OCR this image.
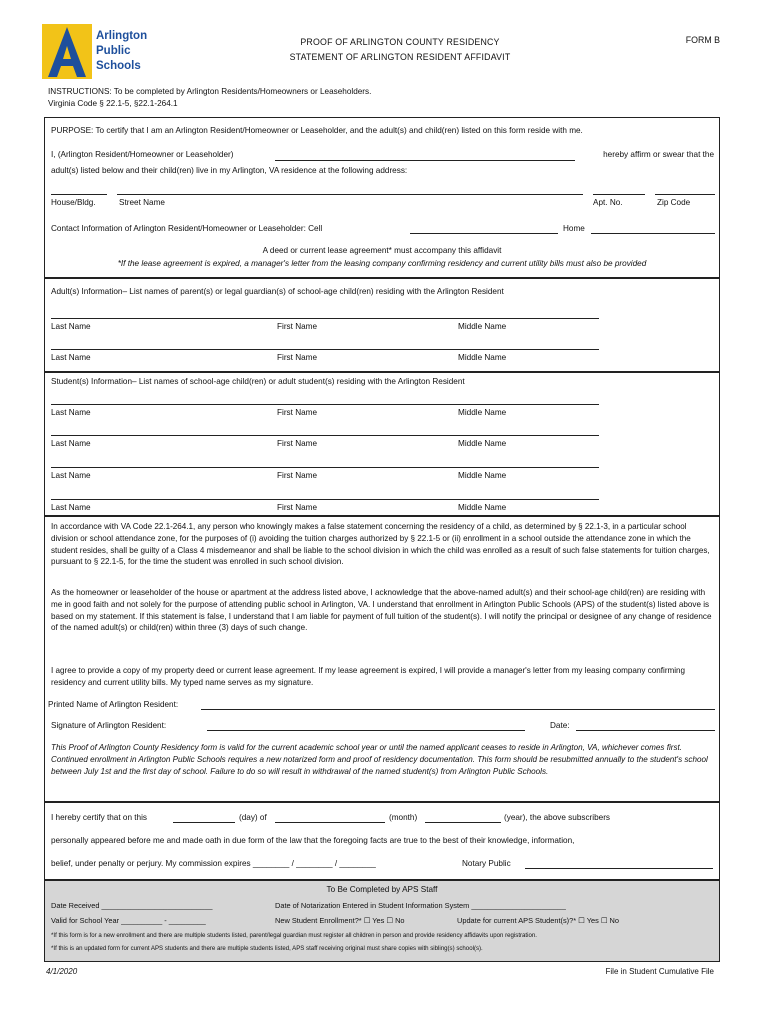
Arlington
Public
Schools
PROOF OF ARLINGTON COUNTY RESIDENCY
STATEMENT OF ARLINGTON RESIDENT AFFIDAVIT
FORM B
INSTRUCTIONS: To be completed by Arlington Residents/Homeowners or Leaseholders.
Virginia Code § 22.1-5, §22.1-264.1
PURPOSE: To certify that I am an Arlington Resident/Homeowner or Leaseholder, and the adult(s) and child(ren) listed on this form reside with me.
I, (Arlington Resident/Homeowner or Leaseholder)	hereby affirm or swear that the
adult(s) listed below and their child(ren) live in my Arlington, VA residence at the following address:
House/Bldg.	Street Name	Apt. No.	Zip Code
Contact Information of Arlington Resident/Homeowner or Leaseholder: Cell	Home
A deed or current lease agreement* must accompany this affidavit
*If the lease agreement is expired, a manager's letter from the leasing company confirming residency and current utility bills must also be provided
Adult(s) Information– List names of parent(s) or legal guardian(s) of school-age child(ren) residing with the Arlington Resident
Last Name	First Name	Middle Name
Last Name	First Name	Middle Name
Student(s) Information– List names of school-age child(ren) or adult student(s) residing with the Arlington Resident
Last Name	First Name	Middle Name
Last Name	First Name	Middle Name
Last Name	First Name	Middle Name
Last Name	First Name	Middle Name
In accordance with VA Code 22.1-264.1, any person who knowingly makes a false statement concerning the residency of a child, as determined by § 22.1-3, in a particular school division or school attendance zone, for the purposes of (i) avoiding the tuition charges authorized by § 22.1-5 or (ii) enrollment in a school outside the attendance zone in which the student resides, shall be guilty of a Class 4 misdemeanor and shall be liable to the school division in which the child was enrolled as a result of such false statements for tuition charges, pursuant to § 22.1-5, for the time the student was enrolled in such school division.
As the homeowner or leaseholder of the house or apartment at the address listed above, I acknowledge that the above-named adult(s) and their school-age child(ren) are residing with me in good faith and not solely for the purpose of attending public school in Arlington, VA. I understand that enrollment in Arlington Public Schools (APS) of the student(s) listed above is based on my statement. If this statement is false, I understand that I am liable for payment of full tuition of the student(s). I will notify the principal or designee of any change of residence of the named adult(s) or child(ren) within three (3) days of such change.
I agree to provide a copy of my property deed or current lease agreement. If my lease agreement is expired, I will provide a manager's letter from my leasing company confirming residency and current utility bills. My typed name serves as my signature.
Printed Name of Arlington Resident:
Signature of Arlington Resident:	Date:
This Proof of Arlington County Residency form is valid for the current academic school year or until the named applicant ceases to reside in Arlington, VA, whichever comes first. Continued enrollment in Arlington Public Schools requires a new notarized form and proof of residency documentation. This form should be resubmitted annually to the student's school between July 1st and the first day of school. Failure to do so will result in withdrawal of the named student(s) from Arlington Public Schools.
I hereby certify that on this	(day) of	(month)	(year), the above subscribers
personally appeared before me and made oath in due form of the law that the foregoing facts are true to the best of their knowledge, information,
belief, under penalty or perjury. My commission expires ________ / ________ / ________	Notary Public
To Be Completed by APS Staff
Date Received ___________________________	Date of Notarization Entered in Student Information System _______________________
Valid for School Year __________ - _________	New Student Enrollment?* ☐ Yes ☐ No	Update for current APS Student(s)?* ☐ Yes ☐ No
*If this form is for a new enrollment and there are multiple students listed, parent/legal guardian must register all children in person and provide residency affidavits upon registration.
*If this is an updated form for current APS students and there are multiple students listed, APS staff receiving original must share copies with sibling(s) school(s).
4/1/2020	File in Student Cumulative File
